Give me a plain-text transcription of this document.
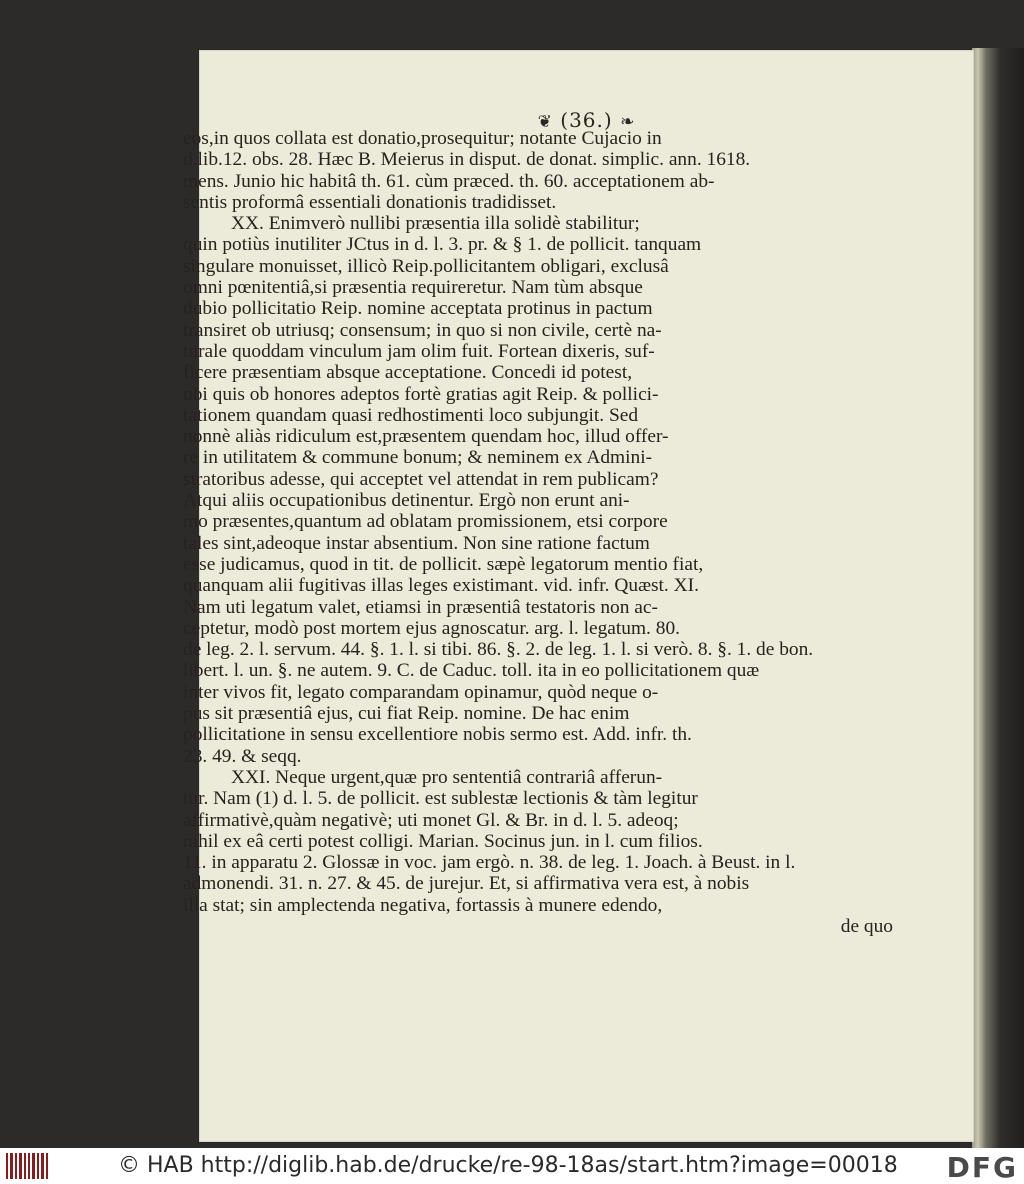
❦ (36.) ❧
eos,in quos collata est donatio,prosequitur; notante Cujacio in
d.lib.12. obs. 28. Hæc B. Meierus in disput. de donat. simplic. ann. 1618.
mens. Junio hic habitâ th. 61. cùm præced. th. 60. acceptationem ab-
sentis proformâ essentiali donationis tradidisset.
XX. Enimverò nullibi præsentia illa solidè stabilitur;
quin potiùs inutiliter JCtus in d. l. 3. pr. & § 1. de pollicit. tanquam
singulare monuisset, illicò Reip.pollicitantem obligari, exclusâ
omni pœnitentiâ,si præsentia requireretur. Nam tùm absque
dubio pollicitatio Reip. nomine acceptata protinus in pactum
transiret ob utriusq; consensum; in quo si non civile, certè na-
turale quoddam vinculum jam olim fuit. Fortean dixeris, suf-
ficere præsentiam absque acceptatione. Concedi id potest,
ubi quis ob honores adeptos fortè gratias agit Reip. & pollici-
tationem quandam quasi redhostimenti loco subjungit. Sed
nonnè aliàs ridiculum est,præsentem quendam hoc, illud offer-
re in utilitatem & commune bonum; & neminem ex Admini-
stratoribus adesse, qui acceptet vel attendat in rem publicam?
Atqui aliis occupationibus detinentur. Ergò non erunt ani-
mo præsentes,quantum ad oblatam promissionem, etsi corpore
tales sint,adeoque instar absentium. Non sine ratione factum
esse judicamus, quod in tit. de pollicit. sæpè legatorum mentio fiat,
quanquam alii fugitivas illas leges existimant. vid. infr. Quæst. XI.
Nam uti legatum valet, etiamsi in præsentiâ testatoris non ac-
ceptetur, modò post mortem ejus agnoscatur. arg. l. legatum. 80.
de leg. 2. l. servum. 44. §. 1. l. si tibi. 86. §. 2. de leg. 1. l. si verò. 8. §. 1. de bon.
libert. l. un. §. ne autem. 9. C. de Caduc. toll. ita in eo pollicitationem quæ
inter vivos fit, legato comparandam opinamur, quòd neque o-
pus sit præsentiâ ejus, cui fiat Reip. nomine. De hac enim
pollicitatione in sensu excellentiore nobis sermo est. Add. infr. th.
23. 49. & seqq.
XXI. Neque urgent,quæ pro sententiâ contrariâ afferun-
tur. Nam (1) d. l. 5. de pollicit. est sublestæ lectionis & tàm legitur
affirmativè,quàm negativè; uti monet Gl. & Br. in d. l. 5. adeoq;
nihil ex eâ certi potest colligi. Marian. Socinus jun. in l. cum filios.
11. in apparatu 2. Glossæ in voc. jam ergò. n. 38. de leg. 1. Joach. à Beust. in l.
admonendi. 31. n. 27. & 45. de jurejur. Et, si affirmativa vera est, à nobis
illa stat; sin amplectenda negativa, fortassis à munere edendo,
de quo
© HAB http://diglib.hab.de/drucke/re-98-18as/start.htm?image=00018 DFG
